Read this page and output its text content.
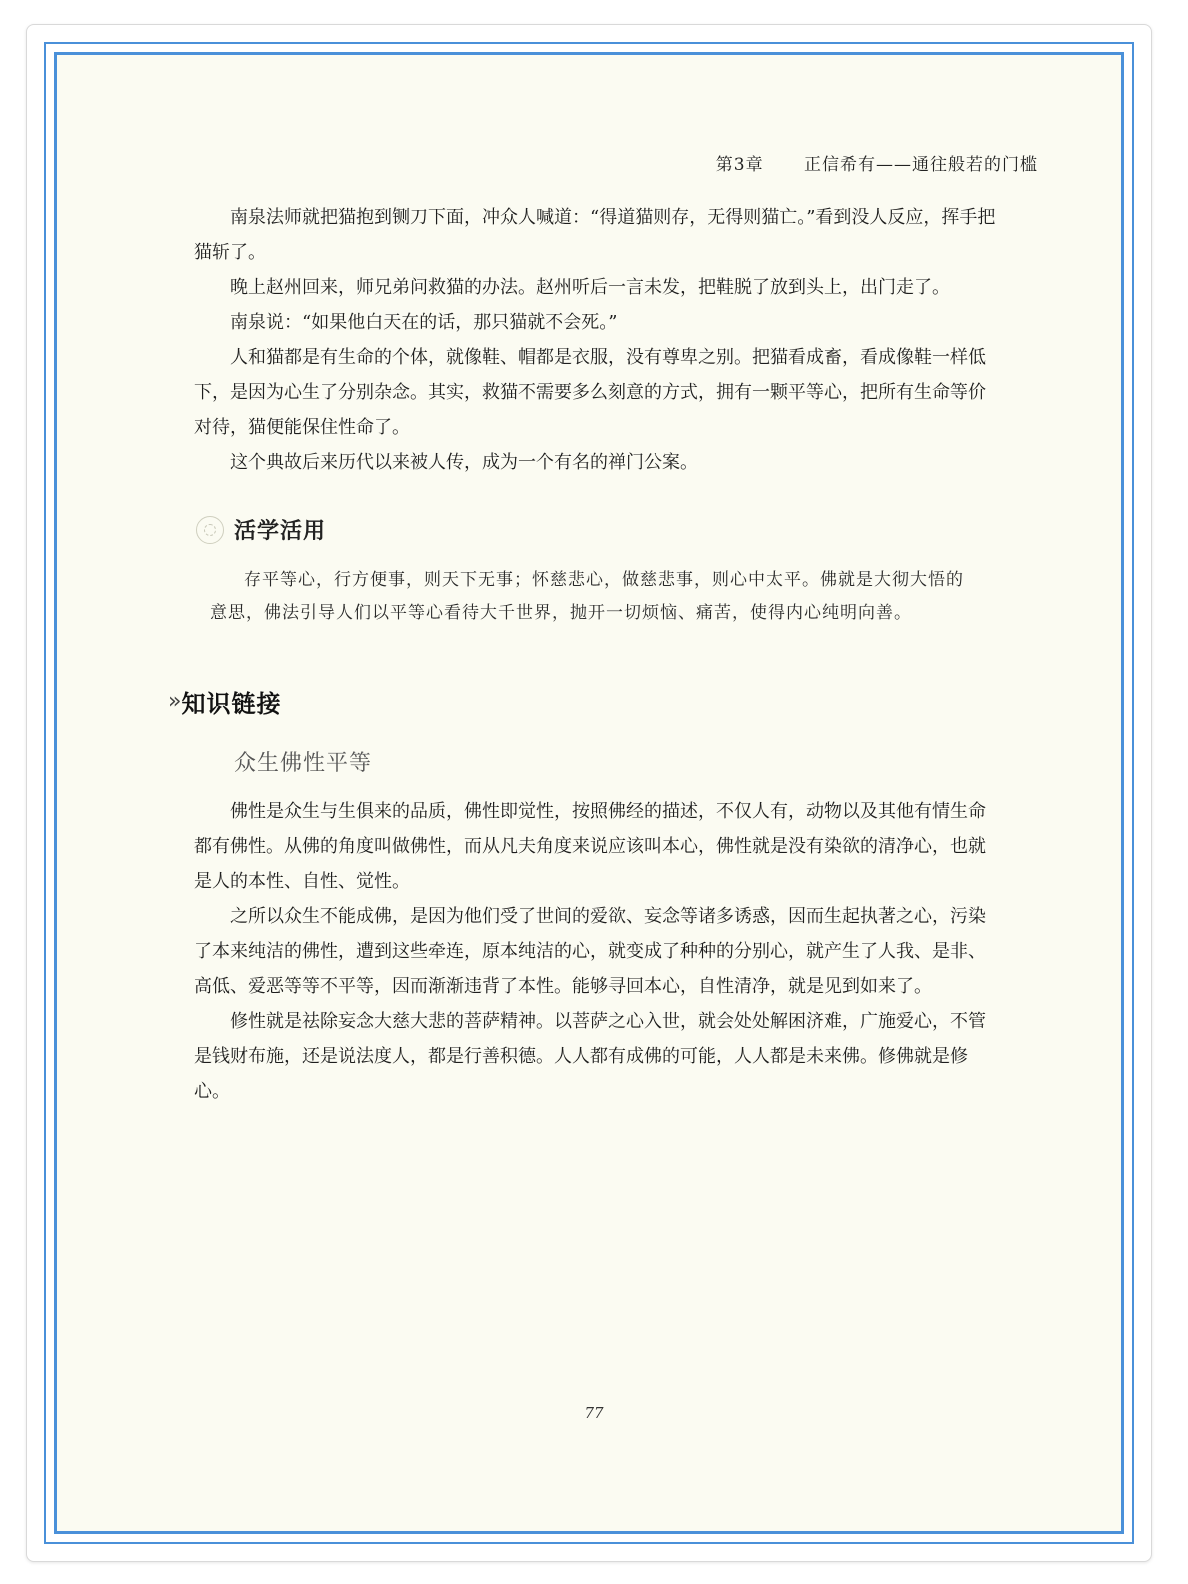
第3章 正信希有——通往般若的门槛

南泉法师就把猫抱到铡刀下面，冲众人喊道：“得道猫则存，无得则猫亡。”看到没人反应，挥手把猫斩了。

晚上赵州回来，师兄弟问救猫的办法。赵州听后一言未发，把鞋脱了放到头上，出门走了。

南泉说：“如果他白天在的话，那只猫就不会死。”

人和猫都是有生命的个体，就像鞋、帽都是衣服，没有尊卑之别。把猫看成畜，看成像鞋一样低下，是因为心生了分别杂念。其实，救猫不需要多么刻意的方式，拥有一颗平等心，把所有生命等价对待，猫便能保住性命了。

这个典故后来历代以来被人传，成为一个有名的禅门公案。

活学活用

存平等心，行方便事，则天下无事；怀慈悲心，做慈悲事，则心中太平。佛就是大彻大悟的意思，佛法引导人们以平等心看待大千世界，抛开一切烦恼、痛苦，使得内心纯明向善。

» 知识链接
众生佛性平等

佛性是众生与生俱来的品质，佛性即觉性，按照佛经的描述，不仅人有，动物以及其他有情生命都有佛性。从佛的角度叫做佛性，而从凡夫角度来说应该叫本心，佛性就是没有染欲的清净心，也就是人的本性、自性、觉性。

之所以众生不能成佛，是因为他们受了世间的爱欲、妄念等诸多诱惑，因而生起执著之心，污染了本来纯洁的佛性，遭到这些牵连，原本纯洁的心，就变成了种种的分别心，就产生了人我、是非、高低、爱恶等等不平等，因而渐渐违背了本性。能够寻回本心，自性清净，就是见到如来了。

修性就是祛除妄念大慈大悲的菩萨精神。以菩萨之心入世，就会处处解困济难，广施爱心，不管是钱财布施，还是说法度人，都是行善积德。人人都有成佛的可能，人人都是未来佛。修佛就是修心。

77
